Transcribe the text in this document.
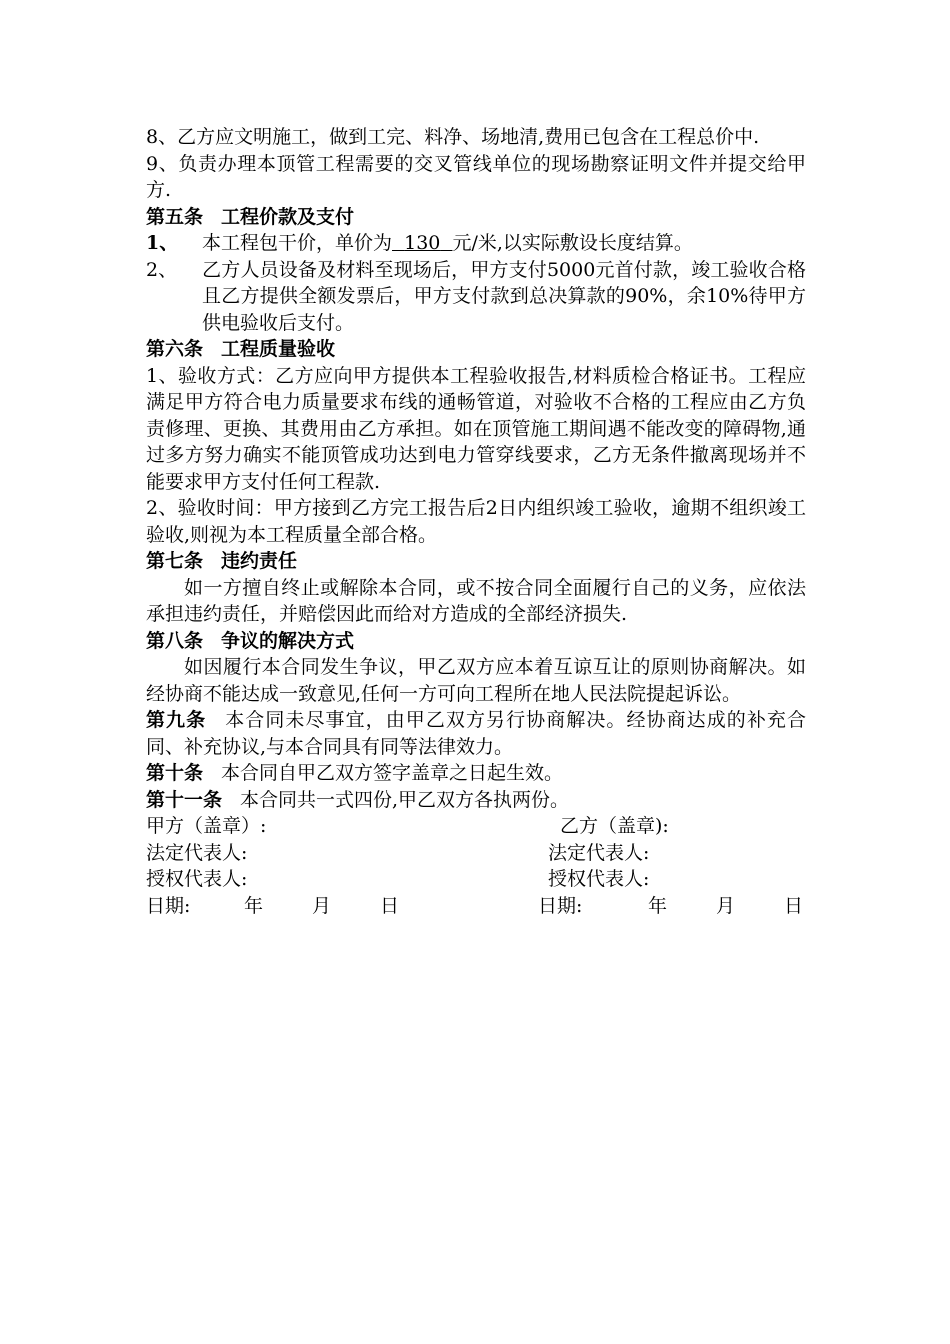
8、乙方应文明施工，做到工完、料净、场地清,费用已包含在工程总价中.
9、负责办理本顶管工程需要的交叉管线单位的现场勘察证明文件并提交给甲方.
第五条 工程价款及支付
1、 本工程包干价，单价为 130 元/米,以实际敷设长度结算。
2、 乙方人员设备及材料至现场后，甲方支付5000元首付款，竣工验收合格且乙方提供全额发票后，甲方支付款到总决算款的90%，余10%待甲方供电验收后支付。
第六条 工程质量验收
1、验收方式：乙方应向甲方提供本工程验收报告,材料质检合格证书。工程应满足甲方符合电力质量要求布线的通畅管道，对验收不合格的工程应由乙方负责修理、更换、其费用由乙方承担。如在顶管施工期间遇不能改变的障碍物,通过多方努力确实不能顶管成功达到电力管穿线要求，乙方无条件撤离现场并不能要求甲方支付任何工程款.
2、验收时间：甲方接到乙方完工报告后2日内组织竣工验收，逾期不组织竣工验收,则视为本工程质量全部合格。
第七条 违约责任
如一方擅自终止或解除本合同，或不按合同全面履行自己的义务，应依法承担违约责任，并赔偿因此而给对方造成的全部经济损失.
第八条 争议的解决方式
如因履行本合同发生争议，甲乙双方应本着互谅互让的原则协商解决。如经协商不能达成一致意见,任何一方可向工程所在地人民法院提起诉讼。
第九条 本合同未尽事宜，由甲乙双方另行协商解决。经协商达成的补充合同、补充协议,与本合同具有同等法律效力。
第十条 本合同自甲乙双方签字盖章之日起生效。
第十一条 本合同共一式四份,甲乙双方各执两份。
甲方（盖章）:	乙方（盖章):
法定代表人:	法定代表人:
授权代表人:	授权代表人:
日期:	年	月	日	日期:	年	月	日
